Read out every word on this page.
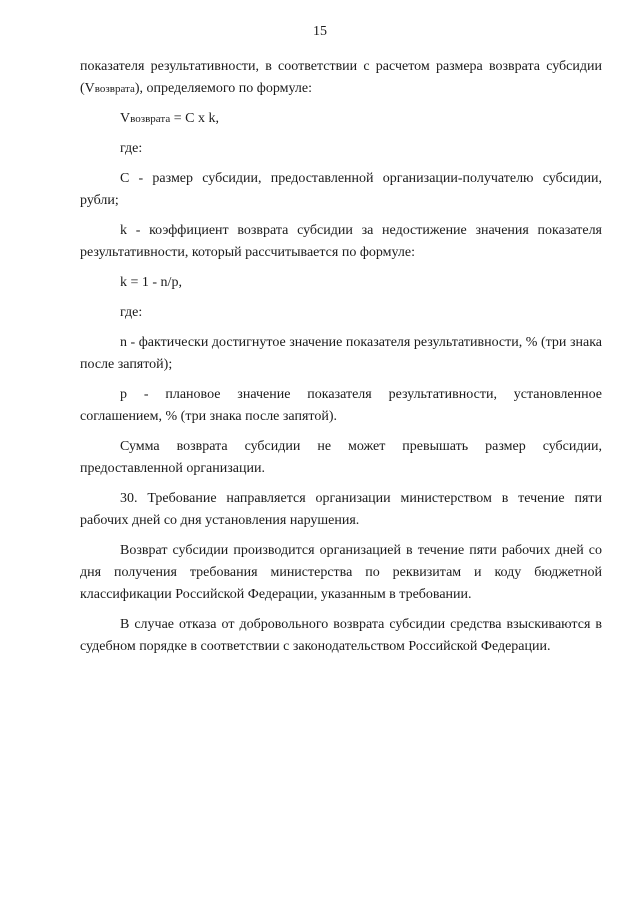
15

показателя результативности, в соответствии с расчетом размера возврата субсидии (Vвозврата), определяемого по формуле:

Vвозврата = C x k,

где:

C - размер субсидии, предоставленной организации-получателю субсидии, рубли;

k - коэффициент возврата субсидии за недостижение значения показателя результативности, который рассчитывается по формуле:

k = 1 - n/p,

где:

n - фактически достигнутое значение показателя результативности, % (три знака после запятой);

p - плановое значение показателя результативности, установленное соглашением, % (три знака после запятой).

Сумма возврата субсидии не может превышать размер субсидии, предоставленной организации.

30. Требование направляется организации министерством в течение пяти рабочих дней со дня установления нарушения.

Возврат субсидии производится организацией в течение пяти рабочих дней со дня получения требования министерства по реквизитам и коду бюджетной классификации Российской Федерации, указанным в требовании.

В случае отказа от добровольного возврата субсидии средства взыскиваются в судебном порядке в соответствии с законодательством Российской Федерации.
